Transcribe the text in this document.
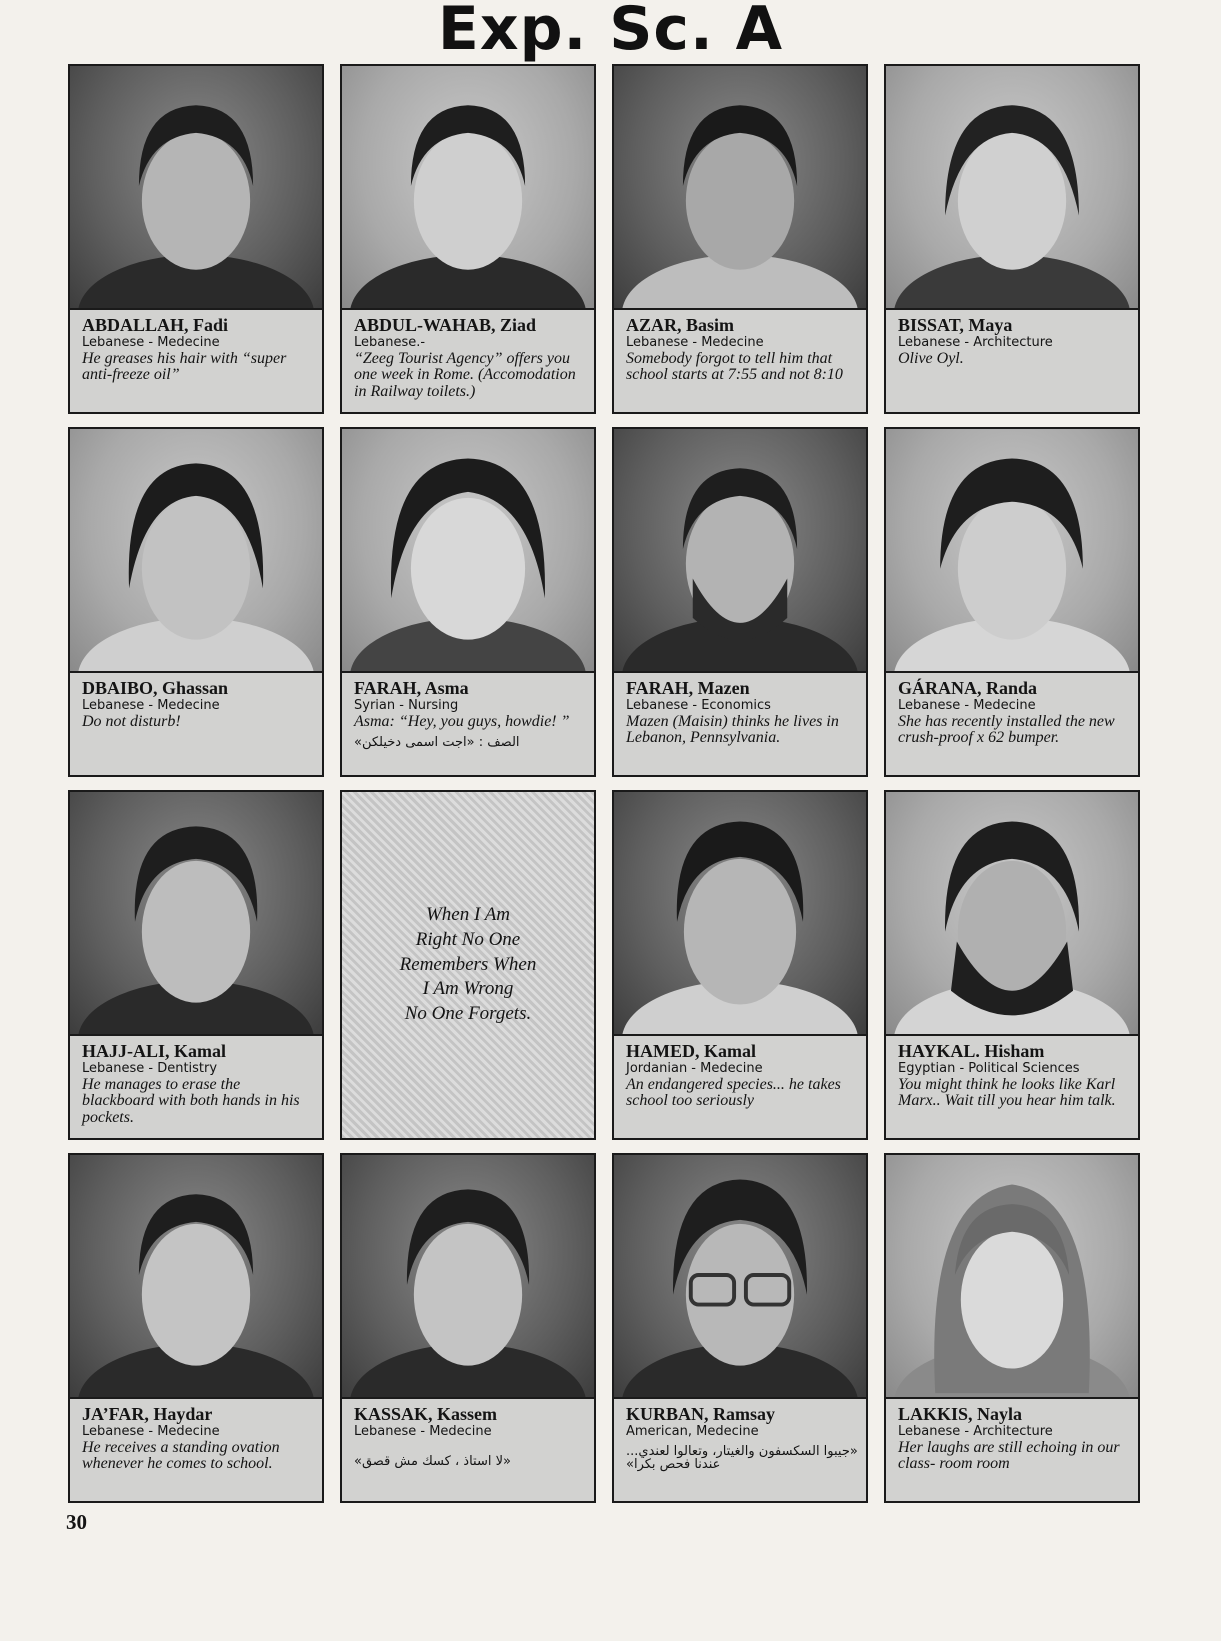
Exp. Sc. A
ABDALLAH, Fadi
Lebanese - Medecine
He greases his hair with “super anti-freeze oil”
ABDUL-WAHAB, Ziad
Lebanese.-
“Zeeg Tourist Agency” offers you one week in Rome. (Accomodation in Railway toilets.)
AZAR, Basim
Lebanese - Medecine
Somebody forgot to tell him that school starts at 7:55 and not 8:10
BISSAT, Maya
Lebanese - Architecture
Olive Oyl.
DBAIBO, Ghassan
Lebanese - Medecine
Do not disturb!
FARAH, Asma
Syrian - Nursing
Asma: “Hey, you guys, howdie! ”
الصف : «اجت اسمى دخيلكن»
FARAH, Mazen
Lebanese - Economics
Mazen (Maisin) thinks he lives in Lebanon, Pennsylvania.
GÁRANA, Randa
Lebanese - Medecine
She has recently installed the new crush-proof x 62 bumper.
HAJJ-ALI, Kamal
Lebanese - Dentistry
He manages to erase the blackboard with both hands in his pockets.
When I Am
Right No One
Remembers When
I Am Wrong
No One Forgets.
HAMED, Kamal
Jordanian - Medecine
An endangered species... he takes school too seriously
HAYKAL. Hisham
Egyptian - Political Sciences
You might think he looks like Karl Marx.. Wait till you hear him talk.
JA’FAR, Haydar
Lebanese - Medecine
He receives a standing ovation whenever he comes to school.
KASSAK, Kassem
Lebanese - Medecine
«لا استاذ ، كسك مش قصق»
KURBAN, Ramsay
American, Medecine
«جيبوا السكسفون والغيتار، وتعالوا لعندي... عندنا فحص بكرا»
LAKKIS, Nayla
Lebanese - Architecture
Her laughs are still echoing in our class- room room
30
